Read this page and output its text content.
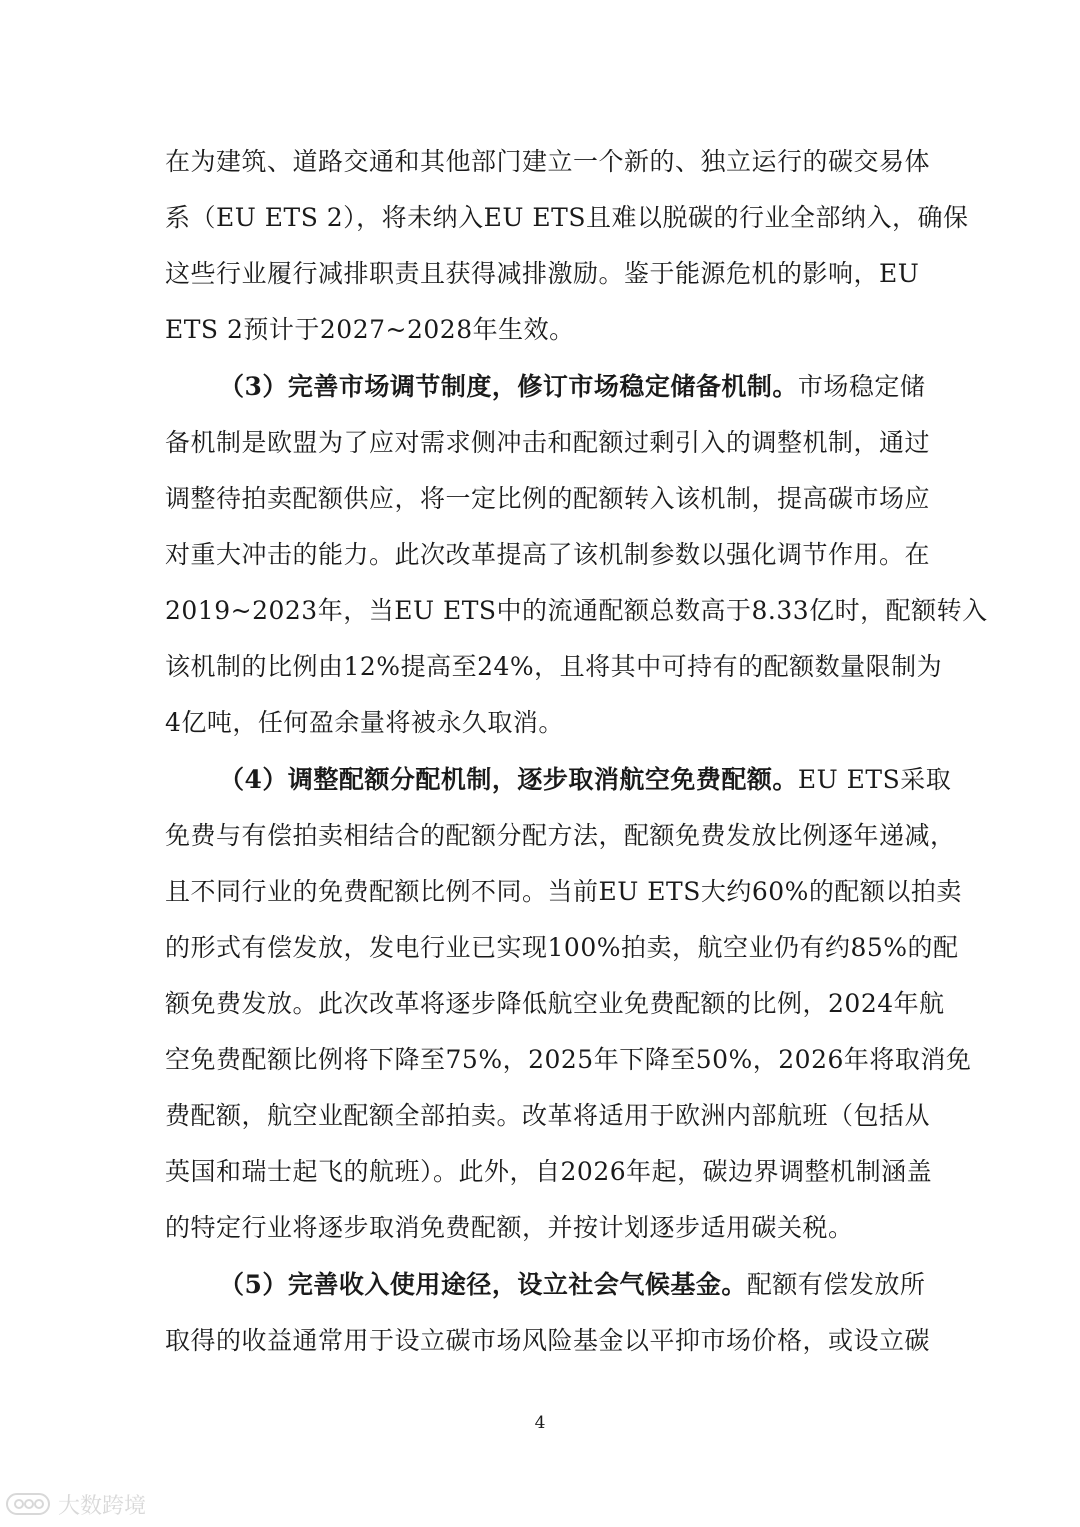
在为建筑、道路交通和其他部门建立一个新的、独立运行的碳交易体
系（EU ETS 2），将未纳入EU ETS且难以脱碳的行业全部纳入，确保
这些行业履行减排职责且获得减排激励。鉴于能源危机的影响，EU
ETS 2预计于2027~2028年生效。
（3）完善市场调节制度，修订市场稳定储备机制。市场稳定储
备机制是欧盟为了应对需求侧冲击和配额过剩引入的调整机制，通过
调整待拍卖配额供应，将一定比例的配额转入该机制，提高碳市场应
对重大冲击的能力。此次改革提高了该机制参数以强化调节作用。在
2019~2023年，当EU ETS中的流通配额总数高于8.33亿时，配额转入
该机制的比例由12%提高至24%，且将其中可持有的配额数量限制为
4亿吨，任何盈余量将被永久取消。
（4）调整配额分配机制，逐步取消航空免费配额。EU ETS采取
免费与有偿拍卖相结合的配额分配方法，配额免费发放比例逐年递减，
且不同行业的免费配额比例不同。当前EU ETS大约60%的配额以拍卖
的形式有偿发放，发电行业已实现100%拍卖，航空业仍有约85%的配
额免费发放。此次改革将逐步降低航空业免费配额的比例，2024年航
空免费配额比例将下降至75%，2025年下降至50%，2026年将取消免
费配额，航空业配额全部拍卖。改革将适用于欧洲内部航班（包括从
英国和瑞士起飞的航班）。此外，自2026年起，碳边界调整机制涵盖
的特定行业将逐步取消免费配额，并按计划逐步适用碳关税。
（5）完善收入使用途径，设立社会气候基金。配额有偿发放所
取得的收益通常用于设立碳市场风险基金以平抑市场价格，或设立碳
4
大数跨境
